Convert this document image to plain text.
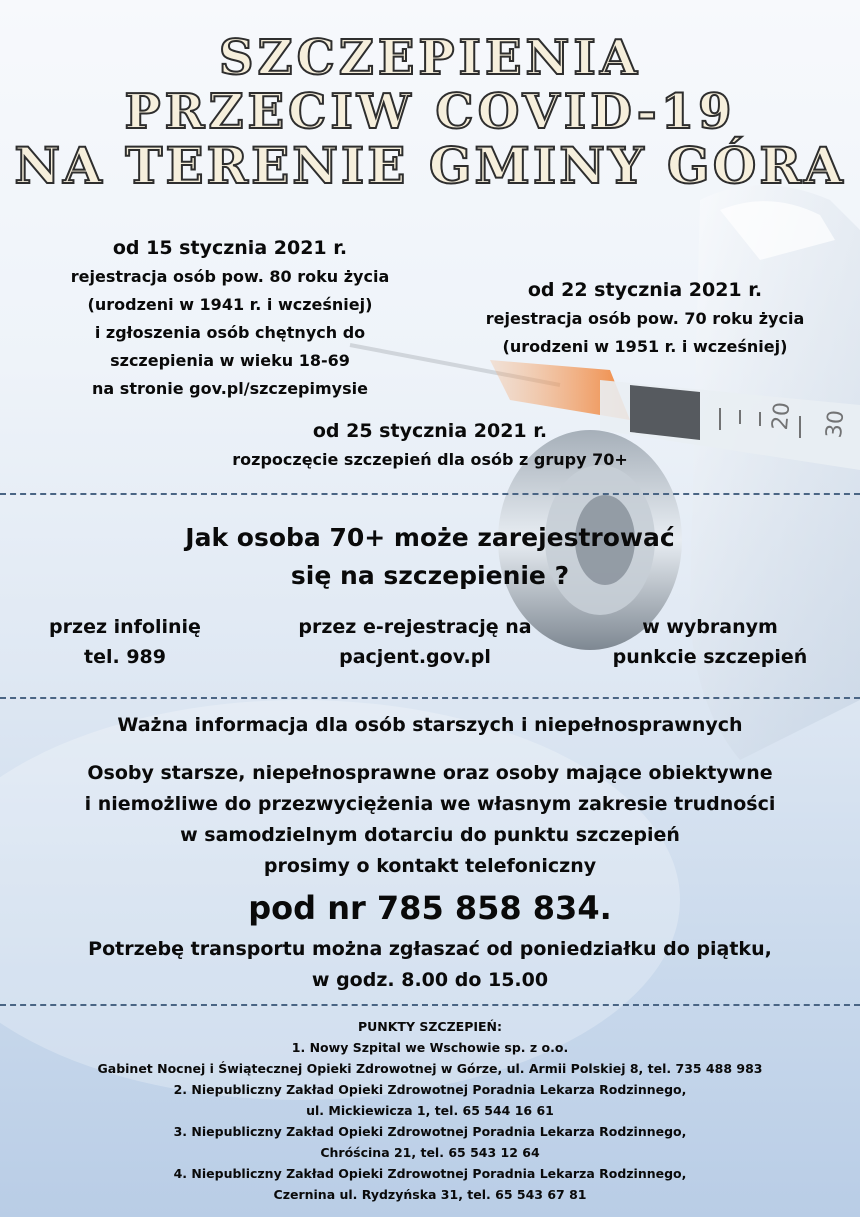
20 30
SZCZEPIENIA
PRZECIW COVID-19
NA TERENIE GMINY GÓRA
od 15 stycznia 2021 r.
rejestracja osób pow. 80 roku życia
(urodzeni w 1941 r. i wcześniej)
i zgłoszenia osób chętnych do
szczepienia w wieku 18-69
na stronie gov.pl/szczepimysie
od 22 stycznia 2021 r.
rejestracja osób pow. 70 roku życia
(urodzeni w 1951 r. i wcześniej)
od 25 stycznia 2021 r.
rozpoczęcie szczepień dla osób z grupy 70+
Jak osoba 70+ może zarejestrować
się na szczepienie ?
przez infolinię
tel. 989
przez e-rejestrację na
pacjent.gov.pl
w wybranym
punkcie szczepień
Ważna informacja dla osób starszych i niepełnosprawnych
Osoby starsze, niepełnosprawne oraz osoby mające obiektywne
i niemożliwe do przezwyciężenia we własnym zakresie trudności
w samodzielnym dotarciu do punktu szczepień
prosimy o kontakt telefoniczny
pod nr 785 858 834.
Potrzebę transportu można zgłaszać od poniedziałku do piątku,
w godz. 8.00 do 15.00
PUNKTY SZCZEPIEŃ:
1. Nowy Szpital we Wschowie sp. z o.o.
Gabinet Nocnej i Świątecznej Opieki Zdrowotnej w Górze, ul. Armii Polskiej 8, tel. 735 488 983
2. Niepubliczny Zakład Opieki Zdrowotnej Poradnia Lekarza Rodzinnego,
ul. Mickiewicza 1, tel. 65 544 16 61
3. Niepubliczny Zakład Opieki Zdrowotnej Poradnia Lekarza Rodzinnego,
Chróścina 21, tel. 65 543 12 64
4. Niepubliczny Zakład Opieki Zdrowotnej Poradnia Lekarza Rodzinnego,
Czernina ul. Rydzyńska 31, tel. 65 543 67 81
